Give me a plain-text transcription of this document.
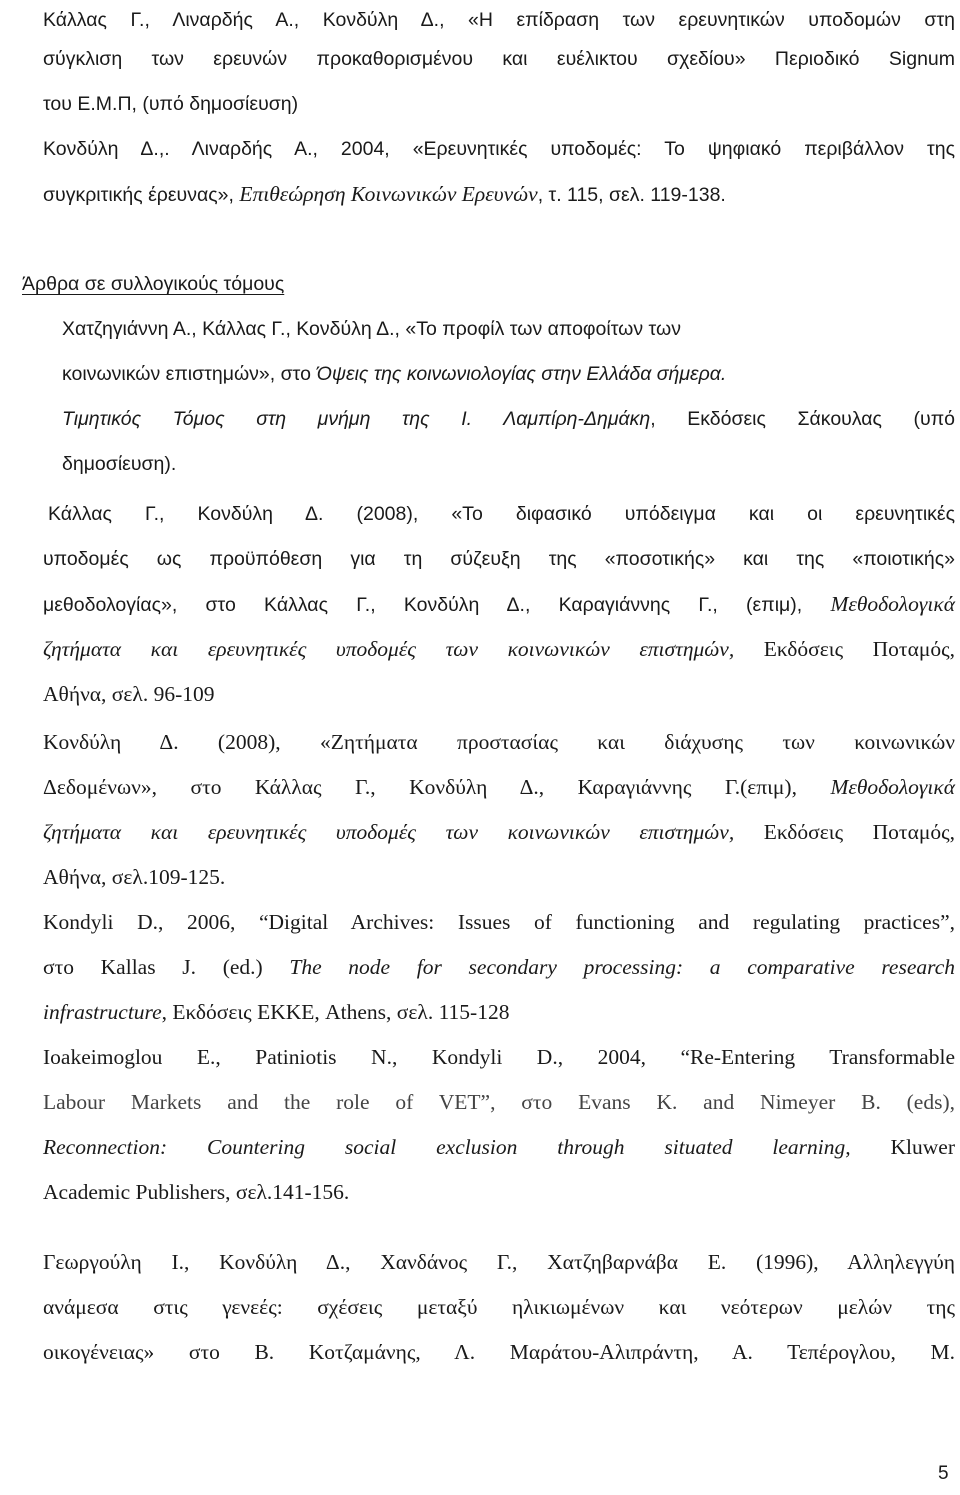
Κάλλας Γ., Λιναρδής Α., Κονδύλη Δ., «Η επίδραση των ερευνητικών υποδομών στη
σύγκλιση των ερευνών προκαθορισμένου και ευέλικτου σχεδίου» Περιοδικό Signum
του Ε.Μ.Π, (υπό δημοσίευση)
Κονδύλη Δ.,. Λιναρδής Α., 2004, «Ερευνητικές υποδομές: Το ψηφιακό περιβάλλον της
συγκριτικής έρευνας», Επιθεώρηση Κοινωνικών Ερευνών, τ. 115, σελ. 119-138.
Άρθρα σε συλλογικούς τόμους
Χατζηγιάννη Α., Κάλλας Γ., Κονδύλη Δ., «Το προφίλ των αποφοίτων των
κοινωνικών επιστημών», στο Όψεις της κοινωνιολογίας στην Ελλάδα σήμερα.
Τιμητικός Τόμος στη μνήμη της Ι. Λαμπίρη-Δημάκη, Εκδόσεις Σάκουλας (υπό
δημοσίευση).
Κάλλας Γ., Κονδύλη Δ. (2008), «Το διφασικό υπόδειγμα και οι ερευνητικές
υποδομές ως προϋπόθεση για τη σύζευξη της «ποσοτικής» και της «ποιοτικής»
μεθοδολογίας», στο Κάλλας Γ., Κονδύλη Δ., Καραγιάννης Γ., (επιμ), Μεθοδολογικά
ζητήματα και ερευνητικές υποδομές των κοινωνικών επιστημών, Εκδόσεις Ποταμός,
Αθήνα, σελ. 96-109
Κονδύλη Δ. (2008), «Ζητήματα προστασίας και διάχυσης των κοινωνικών
Δεδομένων», στο Κάλλας Γ., Κονδύλη Δ., Καραγιάννης Γ.(επιμ), Μεθοδολογικά
ζητήματα και ερευνητικές υποδομές των κοινωνικών επιστημών, Εκδόσεις Ποταμός,
Αθήνα, σελ.109-125.
Kondyli D., 2006, “Digital Archives: Issues of functioning and regulating practices”,
στο Kallas J. (ed.) The node for secondary processing: a comparative research
infrastructure, Εκδόσεις ΕΚΚΕ, Athens, σελ. 115-128
Ioakeimoglou E., Patiniotis N., Kondyli D., 2004, “Re-Entering Transformable
Labour Markets and the role of VET”, στο Evans K. and Nimeyer B. (eds),
Reconnection: Countering social exclusion through situated learning, Kluwer
Academic Publishers, σελ.141-156.
Γεωργούλη Ι., Κονδύλη Δ., Χανδάνος Γ., Χατζηβαρνάβα Ε. (1996), Αλληλεγγύη
ανάμεσα στις γενεές: σχέσεις μεταξύ ηλικιωμένων και νεότερων μελών της
οικογένειας» στο Β. Κοτζαμάνης, Λ. Μαράτου-Αλιπράντη, Α. Τεπέρογλου, Μ.
5
